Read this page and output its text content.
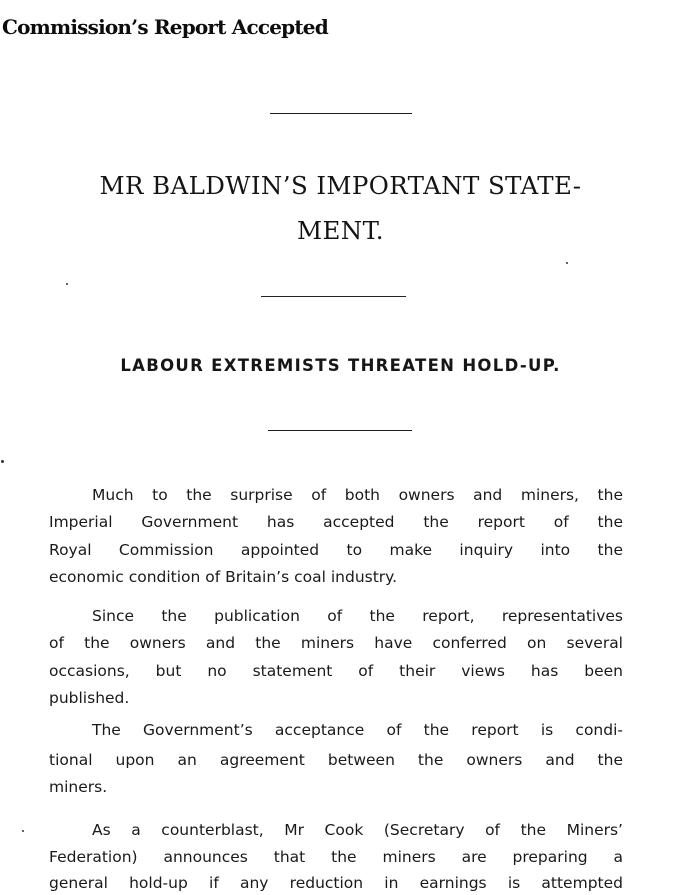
Commission’s Report Accepted
MR BALDWIN’S IMPORTANT STATE-
MENT.
LABOUR EXTREMISTS THREATEN HOLD-UP.
Much to the surprise of both owners and miners, the
Imperial Government has accepted the report of the
Royal Commission appointed to make inquiry into the
economic condition of Britain’s coal industry.
Since the publication of the report, representatives
of the owners and the miners have conferred on several
occasions, but no statement of their views has been
published.
The Government’s acceptance of the report is condi-
tional upon an agreement between the owners and the
miners.
As a counterblast, Mr Cook (Secretary of the Miners’
Federation) announces that the miners are preparing a
general hold-up if any reduction in earnings is attempted
